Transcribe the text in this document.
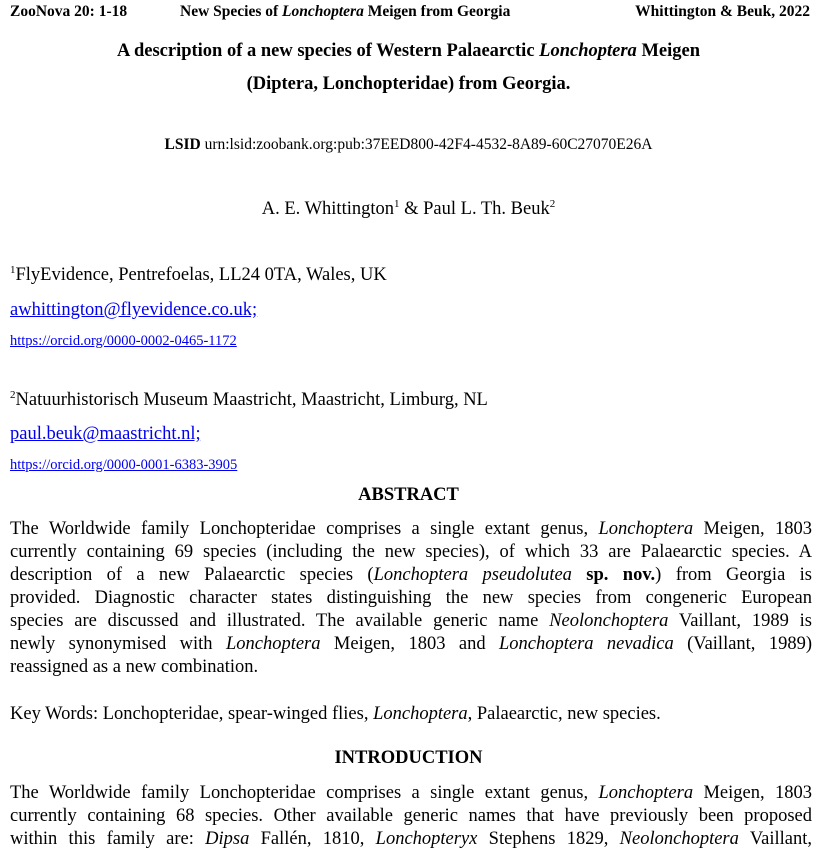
ZooNova 20: 1-18	New Species of Lonchoptera Meigen from Georgia	Whittington & Beuk, 2022
A description of a new species of Western Palaearctic Lonchoptera Meigen
(Diptera, Lonchopteridae) from Georgia.
LSID urn:lsid:zoobank.org:pub:37EED800-42F4-4532-8A89-60C27070E26A
A. E. Whittington$^1$ & Paul L. Th. Beuk$^2$
$^1$FlyEvidence, Pentrefoelas, LL24 0TA, Wales, UK
awhittington@flyevidence.co.uk;
https://orcid.org/0000-0002-0465-1172
$^2$Natuurhistorisch Museum Maastricht, Maastricht, Limburg, NL
paul.beuk@maastricht.nl;
https://orcid.org/0000-0001-6383-3905
ABSTRACT
The Worldwide family Lonchopteridae comprises a single extant genus, Lonchoptera Meigen, 1803
currently containing 69 species (including the new species), of which 33 are Palaearctic species. A
description of a new Palaearctic species (Lonchoptera pseudolutea sp. nov.) from Georgia is
provided. Diagnostic character states distinguishing the new species from congeneric European
species are discussed and illustrated. The available generic name Neolonchoptera Vaillant, 1989 is
newly synonymised with Lonchoptera Meigen, 1803 and Lonchoptera nevadica (Vaillant, 1989)
reassigned as a new combination.
Key Words: Lonchopteridae, spear-winged flies, Lonchoptera, Palaearctic, new species.
INTRODUCTION
The Worldwide family Lonchopteridae comprises a single extant genus, Lonchoptera Meigen, 1803
currently containing 68 species. Other available generic names that have previously been proposed
within this family are: Dipsa Fallén, 1810, Lonchopteryx Stephens 1829, Neolonchoptera Vaillant,
